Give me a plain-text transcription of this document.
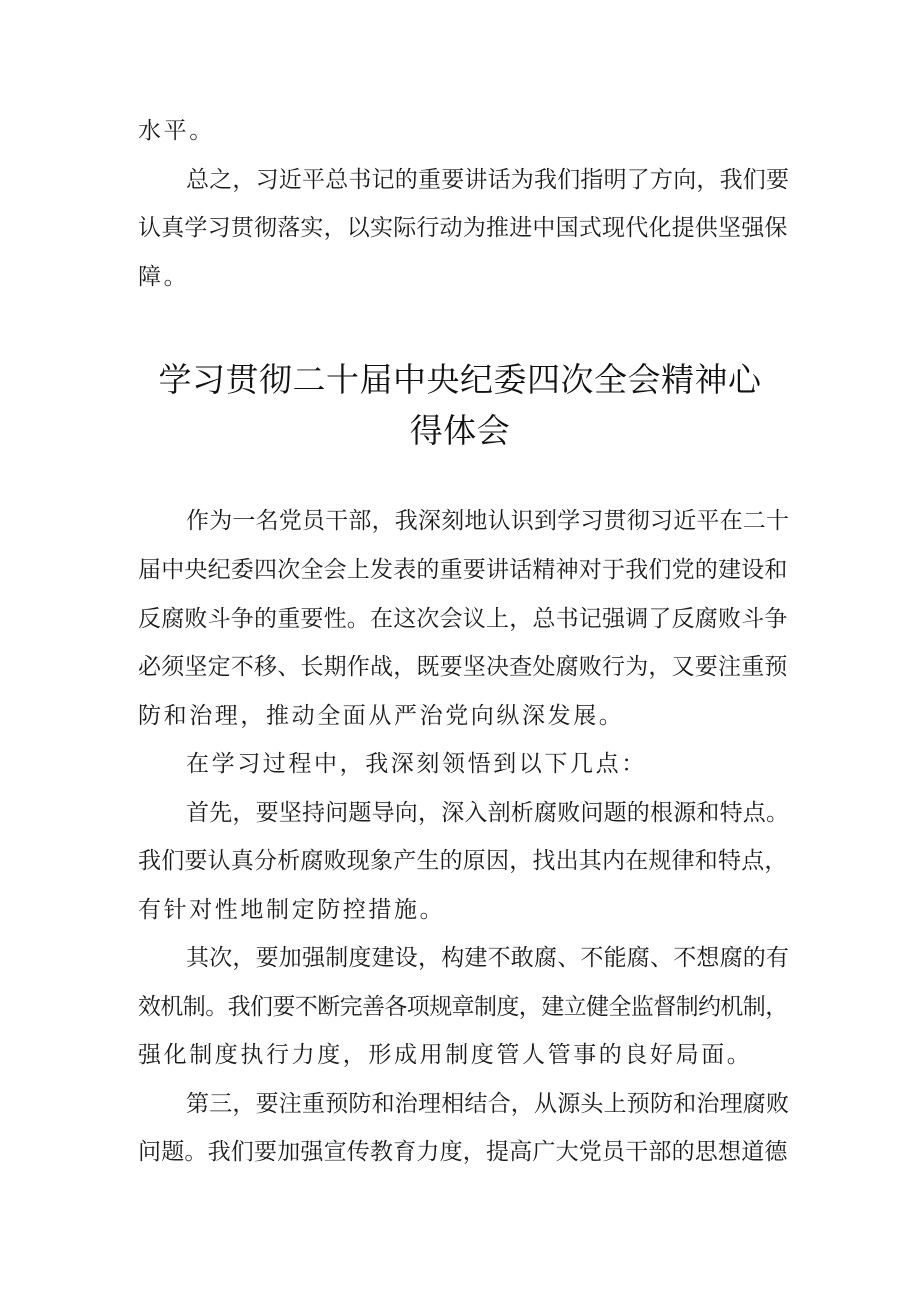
水平。
总之，习近平总书记的重要讲话为我们指明了方向，我们要
认真学习贯彻落实，以实际行动为推进中国式现代化提供坚强保
障。
学习贯彻二十届中央纪委四次全会精神心
得体会
作为一名党员干部，我深刻地认识到学习贯彻习近平在二十
届中央纪委四次全会上发表的重要讲话精神对于我们党的建设和
反腐败斗争的重要性。在这次会议上，总书记强调了反腐败斗争
必须坚定不移、长期作战，既要坚决查处腐败行为，又要注重预
防和治理，推动全面从严治党向纵深发展。
在学习过程中，我深刻领悟到以下几点：
首先，要坚持问题导向，深入剖析腐败问题的根源和特点。
我们要认真分析腐败现象产生的原因，找出其内在规律和特点，
有针对性地制定防控措施。
其次，要加强制度建设，构建不敢腐、不能腐、不想腐的有
效机制。我们要不断完善各项规章制度，建立健全监督制约机制，
强化制度执行力度，形成用制度管人管事的良好局面。
第三，要注重预防和治理相结合，从源头上预防和治理腐败
问题。我们要加强宣传教育力度，提高广大党员干部的思想道德
